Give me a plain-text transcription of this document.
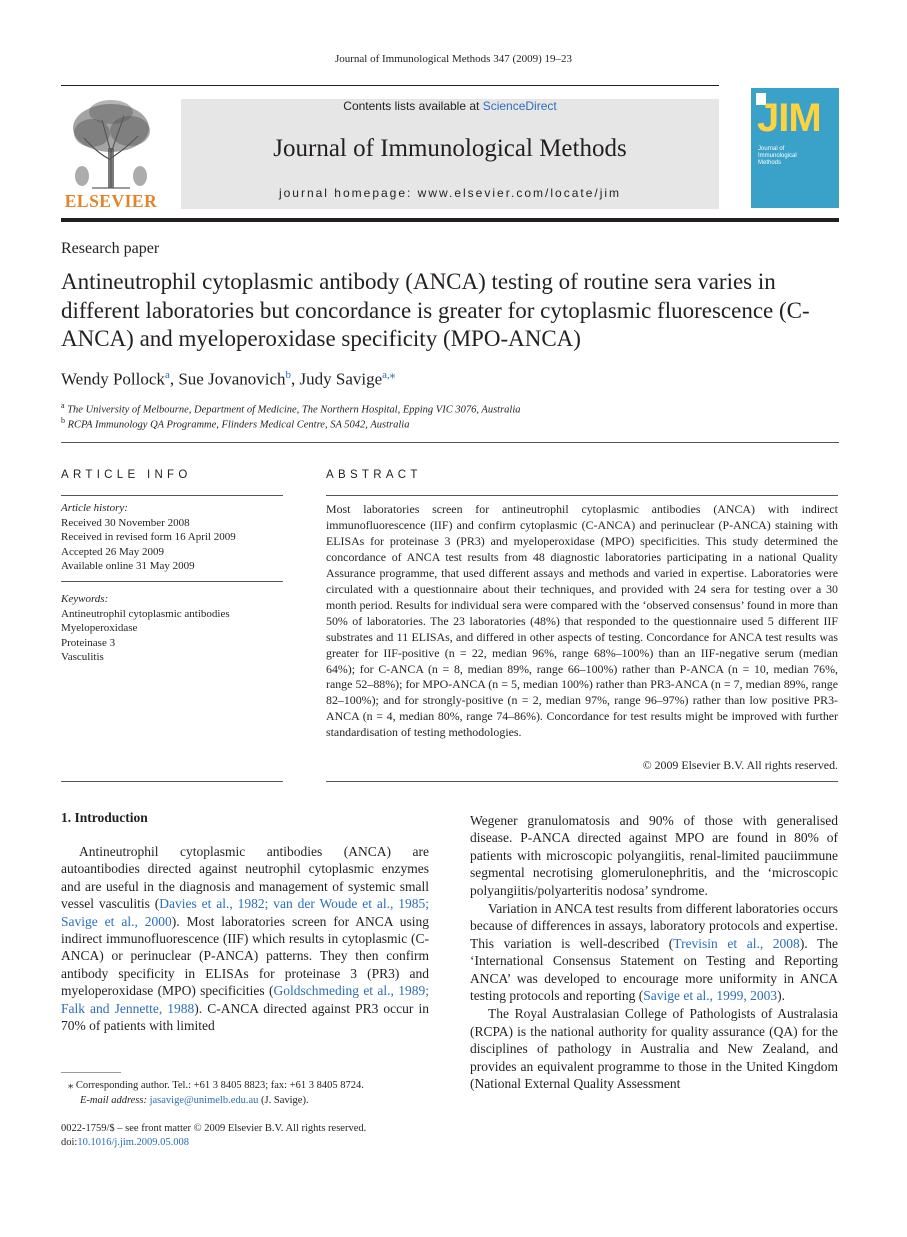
Journal of Immunological Methods 347 (2009) 19–23
ELSEVIER
Contents lists available at ScienceDirect
Journal of Immunological Methods
journal homepage: www.elsevier.com/locate/jim
JIM
Journal of Immunological Methods
Research paper
Antineutrophil cytoplasmic antibody (ANCA) testing of routine sera varies in different laboratories but concordance is greater for cytoplasmic fluorescence (C-ANCA) and myeloperoxidase specificity (MPO-ANCA)
Wendy Pollock$^a$, Sue Jovanovich$^b$, Judy Savige$^{a,⁎}$
$^a$ The University of Melbourne, Department of Medicine, The Northern Hospital, Epping VIC 3076, Australia
$^b$ RCPA Immunology QA Programme, Flinders Medical Centre, SA 5042, Australia
ARTICLE INFO
Article history:
Received 30 November 2008
Received in revised form 16 April 2009
Accepted 26 May 2009
Available online 31 May 2009
Keywords:
Antineutrophil cytoplasmic antibodies
Myeloperoxidase
Proteinase 3
Vasculitis
ABSTRACT
Most laboratories screen for antineutrophil cytoplasmic antibodies (ANCA) with indirect immunofluorescence (IIF) and confirm cytoplasmic (C-ANCA) and perinuclear (P-ANCA) staining with ELISAs for proteinase 3 (PR3) and myeloperoxidase (MPO) specificities. This study determined the concordance of ANCA test results from 48 diagnostic laboratories participating in a national Quality Assurance programme, that used different assays and methods and varied in expertise. Laboratories were circulated with a questionnaire about their techniques, and provided with 24 sera for testing over a 30 month period. Results for individual sera were compared with the ‘observed consensus’ found in more than 50% of laboratories. The 23 laboratories (48%) that responded to the questionnaire used 5 different IIF substrates and 11 ELISAs, and differed in other aspects of testing. Concordance for ANCA test results was greater for IIF-positive (n = 22, median 96%, range 68%–100%) than an IIF-negative serum (median 64%); for C-ANCA (n = 8, median 89%, range 66–100%) rather than P-ANCA (n = 10, median 76%, range 52–88%); for MPO-ANCA (n = 5, median 100%) rather than PR3-ANCA (n = 7, median 89%, range 82–100%); and for strongly-positive (n = 2, median 97%, range 96–97%) rather than low positive PR3-ANCA (n = 4, median 80%, range 74–86%). Concordance for test results might be improved with further standardisation of testing methodologies.
© 2009 Elsevier B.V. All rights reserved.
1. Introduction

Antineutrophil cytoplasmic antibodies (ANCA) are autoantibodies directed against neutrophil cytoplasmic enzymes and are useful in the diagnosis and management of systemic small vessel vasculitis (Davies et al., 1982; van der Woude et al., 1985; Savige et al., 2000). Most laboratories screen for ANCA using indirect immunofluorescence (IIF) which results in cytoplasmic (C-ANCA) or perinuclear (P-ANCA) patterns. They then confirm antibody specificity in ELISAs for proteinase 3 (PR3) and myeloperoxidase (MPO) specificities (Goldschmeding et al., 1989; Falk and Jennette, 1988). C-ANCA directed against PR3 occur in 70% of patients with limited

Wegener granulomatosis and 90% of those with generalised disease. P-ANCA directed against MPO are found in 80% of patients with microscopic polyangiitis, renal-limited pauciimmune segmental necrotising glomerulonephritis, and the ‘microscopic polyangiitis/polyarteritis nodosa’ syndrome.

Variation in ANCA test results from different laboratories occurs because of differences in assays, laboratory protocols and expertise. This variation is well-described (Trevisin et al., 2008). The ‘International Consensus Statement on Testing and Reporting ANCA’ was developed to encourage more uniformity in ANCA testing protocols and reporting (Savige et al., 1999, 2003).

The Royal Australasian College of Pathologists of Australasia (RCPA) is the national authority for quality assurance (QA) for the disciplines of pathology in Australia and New Zealand, and provides an equivalent programme to those in the United Kingdom (National External Quality Assessment

⁎ Corresponding author. Tel.: +61 3 8405 8823; fax: +61 3 8405 8724.
E-mail address: jasavige@unimelb.edu.au (J. Savige).
0022-1759/$ – see front matter © 2009 Elsevier B.V. All rights reserved.
doi:10.1016/j.jim.2009.05.008
